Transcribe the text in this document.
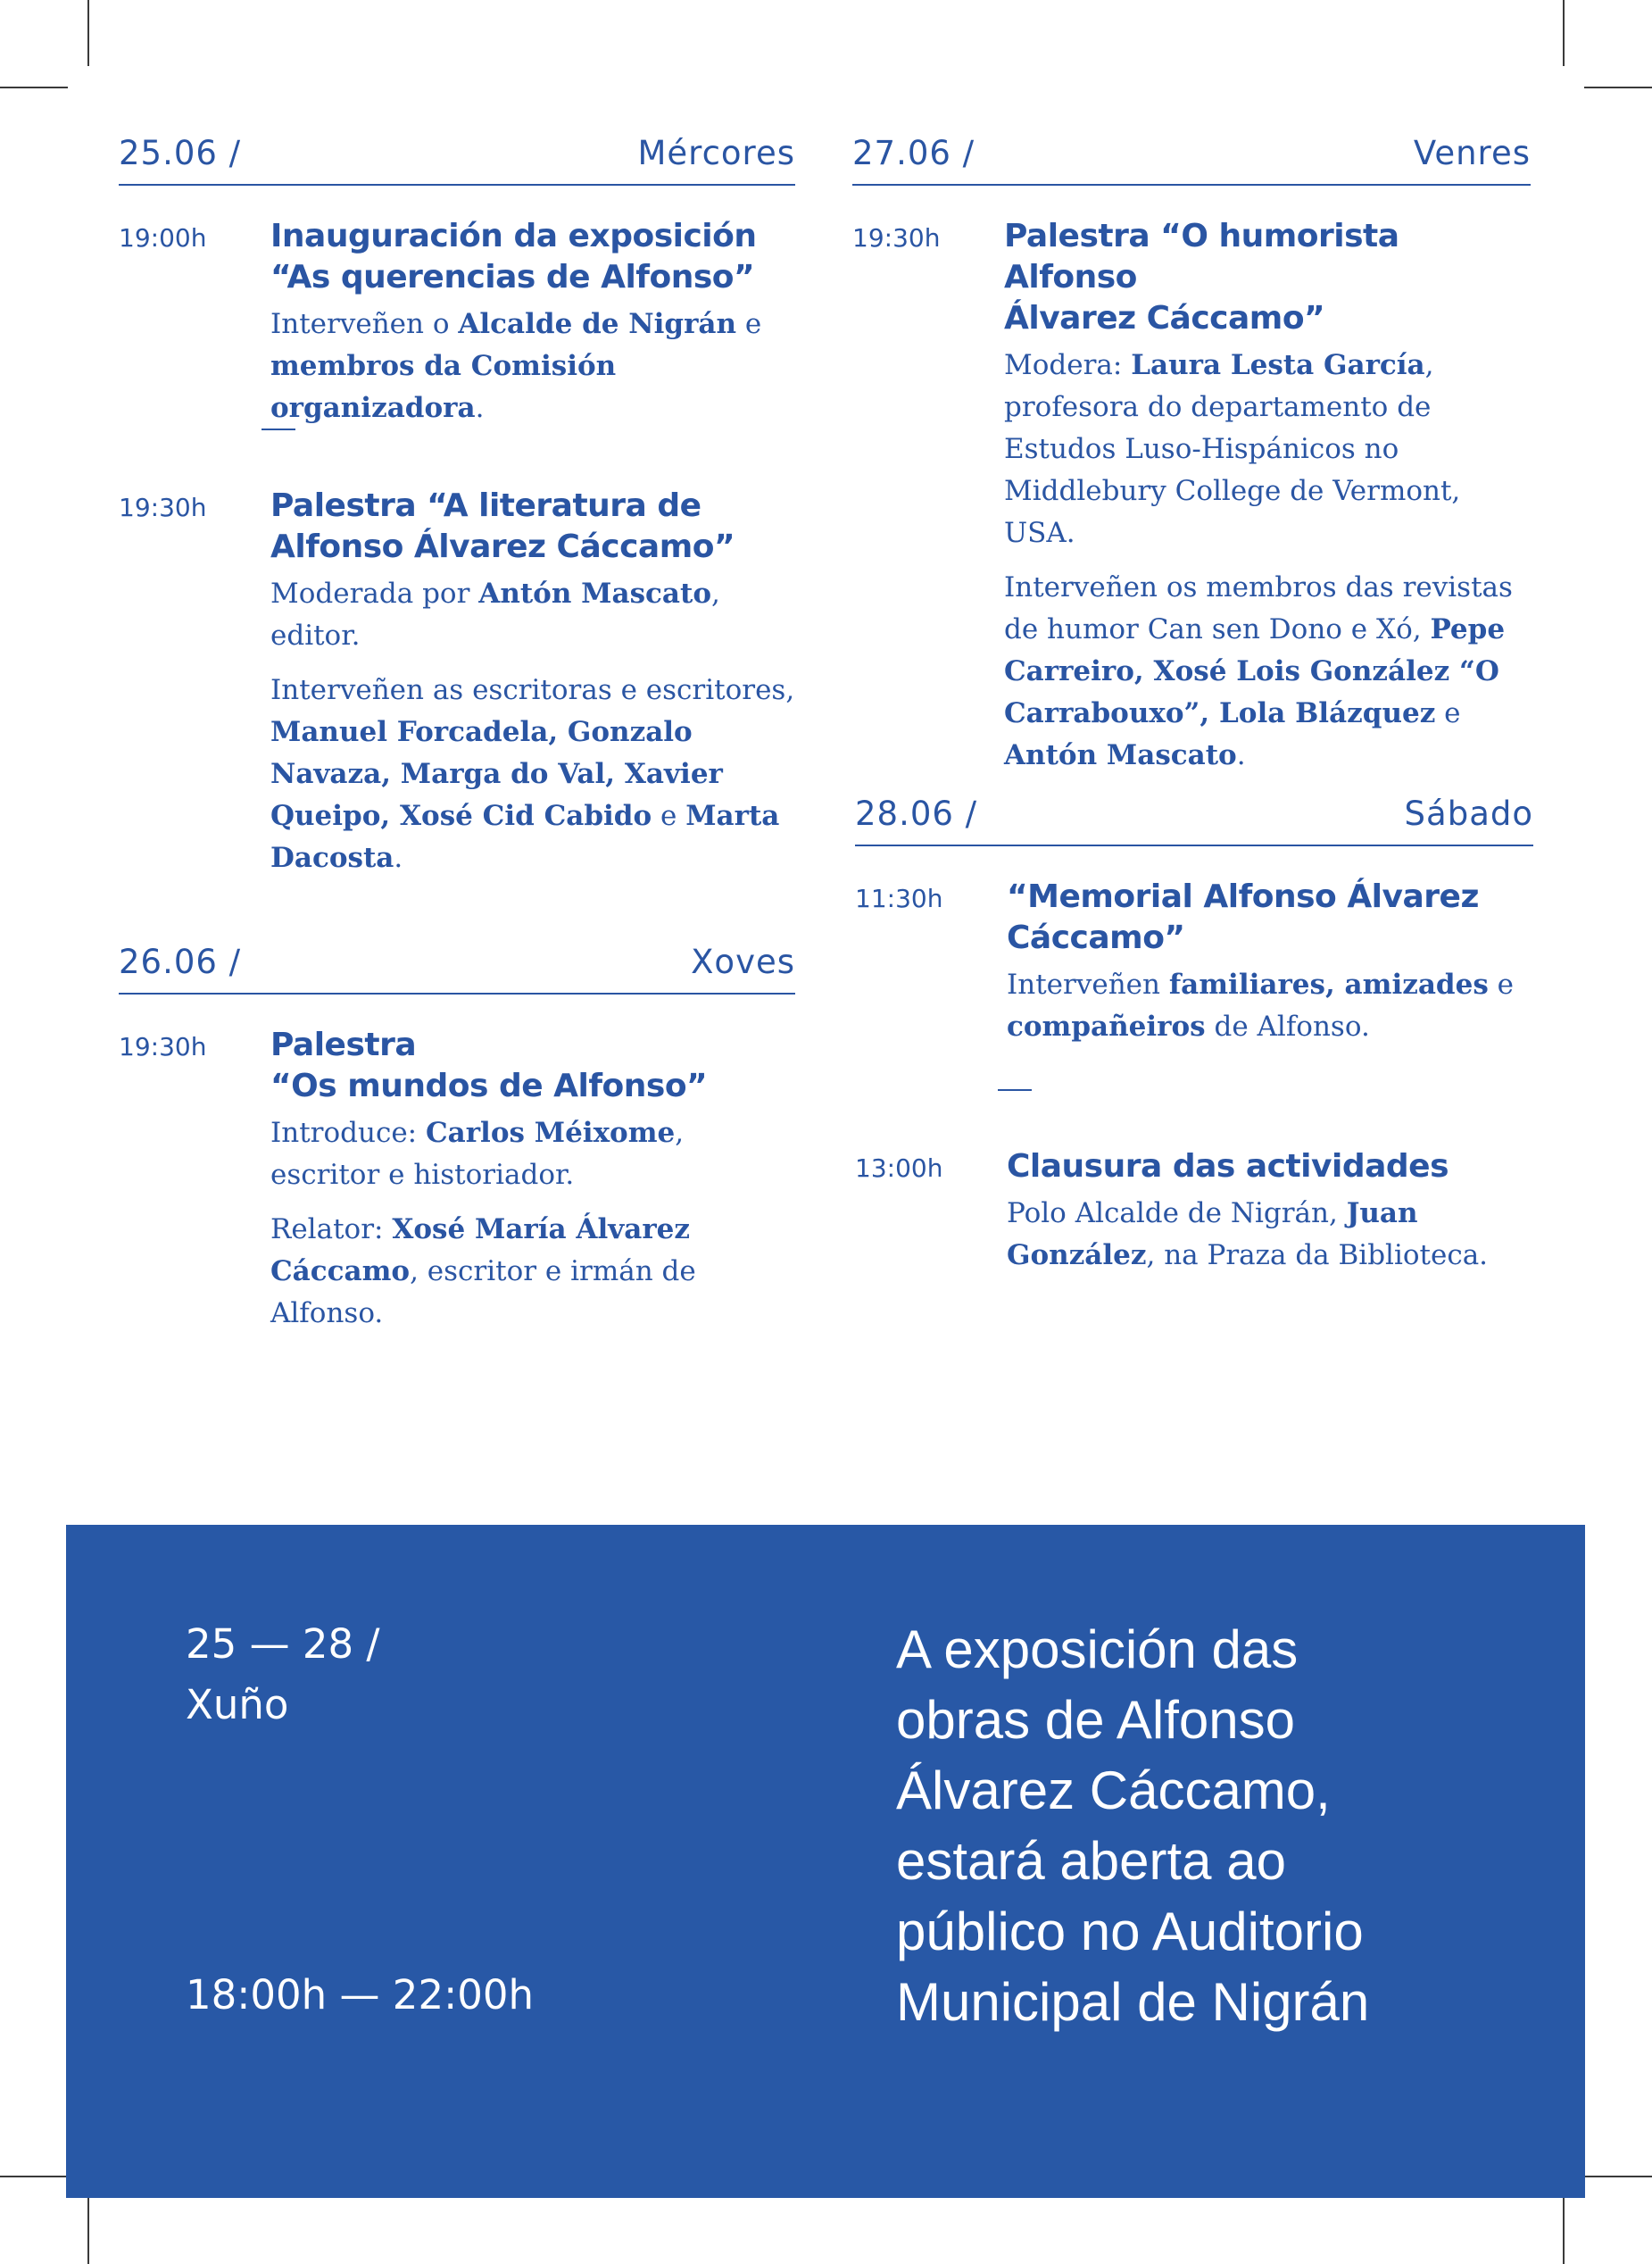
25.06 /	Mércores
19:00h Inauguración da exposición
“As querencias de Alfonso”

Interveñen o Alcalde de Nigrán e membros da Comisión organizadora.

19:30h Palestra “A literatura de
Alfonso Álvarez Cáccamo”

Moderada por Antón Mascato, editor.

Interveñen as escritoras e escritores, Manuel Forcadela, Gonzalo Navaza, Marga do Val, Xavier Queipo, Xosé Cid Cabido e Marta Dacosta.

26.06 /	Xoves
19:30h Palestra
“Os mundos de Alfonso”

Introduce: Carlos Méixome, escritor e historiador.

Relator: Xosé María Álvarez Cáccamo, escritor e irmán de Alfonso.

27.06 /	Venres
19:30h Palestra “O humorista Alfonso
Álvarez Cáccamo”

Modera: Laura Lesta García, profesora do departamento de Estudos Luso-Hispánicos no Middlebury College de Vermont, USA.

Interveñen os membros das revistas de humor Can sen Dono e Xó, Pepe Carreiro, Xosé Lois González “O Carrabouxo”, Lola Blázquez e Antón Mascato.

28.06 /	Sábado
11:30h “Memorial Alfonso Álvarez
Cáccamo”

Interveñen familiares, amizades e compañeiros de Alfonso.

13:00h Clausura das actividades

Polo Alcalde de Nigrán, Juan González, na Praza da Biblioteca.

25 — 28 /
Xuño
18:00h — 22:00h
A exposición das
obras de Alfonso
Álvarez Cáccamo,
estará aberta ao
público no Auditorio
Municipal de Nigrán
